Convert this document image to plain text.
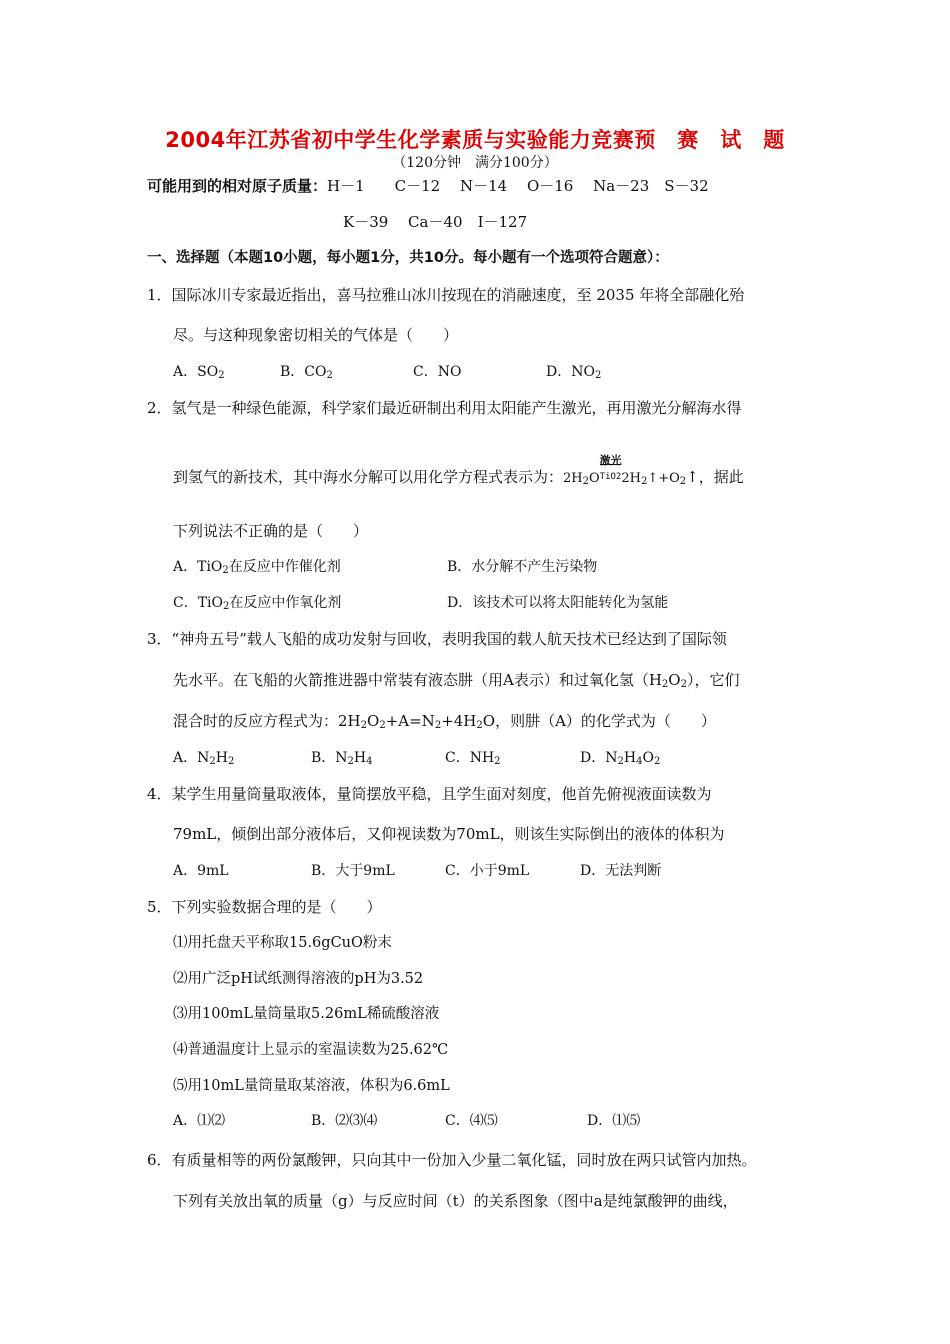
2004年江苏省初中学生化学素质与实验能力竞赛预　赛　试　题
（120分钟　满分100分）
可能用到的相对原子质量：H－1　　C－12　 N－14　 O－16　 Na－23　S－32
K－39　 Ca－40　I－127
一、选择题（本题10小题，每小题1分，共10分。每小题有一个选项符合题意）：
1．国际冰川专家最近指出，喜马拉雅山冰川按现在的消融速度，至 2035 年将全部融化殆
尽。与这种现象密切相关的气体是（　　）
A．$SO_2$	B．$CO_2$	C．NO	D．$NO_2$
2．氢气是一种绿色能源，科学家们最近研制出利用太阳能产生激光，再用激光分解海水得
到氢气的新技术，其中海水分解可以用化学方程式表示为：$2H_2O$
激光
$^{TiO2}2H_2↑+O_2↑$，据此
下列说法不正确的是（　　）
A．TiO$_2$在反应中作催化剂	B．水分解不产生污染物
C．TiO$_2$在反应中作氧化剂	D．该技术可以将太阳能转化为氢能
3．“神舟五号”载人飞船的成功发射与回收，表明我国的载人航天技术已经达到了国际领
先水平。在飞船的火箭推进器中常装有液态肼（用A表示）和过氧化氢$(H_2O_2)$，它们
混合时的反应方程式为：$2H_2O_2+A=N_2+4H_2O$，则肼（A）的化学式为（　　）
A．$N_2H_2$	B．$N_2H_4$	C．$NH_2$	D．$N_2H_4O_2$
4．某学生用量筒量取液体，量筒摆放平稳，且学生面对刻度，他首先俯视液面读数为
79mL，倾倒出部分液体后，又仰视读数为70mL，则该生实际倒出的液体的体积为
A．9mL	B．大于9mL	C．小于9mL	D．无法判断
5．下列实验数据合理的是（　　）
⑴用托盘天平称取15.6gCuO粉末
⑵用广泛pH试纸测得溶液的pH为3.52
⑶用100mL量筒量取5.26mL稀硫酸溶液
⑷普通温度计上显示的室温读数为25.62℃
⑸用10mL量筒量取某溶液，体积为6.6mL
A．⑴⑵	B．⑵⑶⑷	C．⑷⑸	D．⑴⑸
6．有质量相等的两份氯酸钾，只向其中一份加入少量二氧化锰，同时放在两只试管内加热。
下列有关放出氧的质量（g）与反应时间（t）的关系图象（图中a是纯氯酸钾的曲线，
